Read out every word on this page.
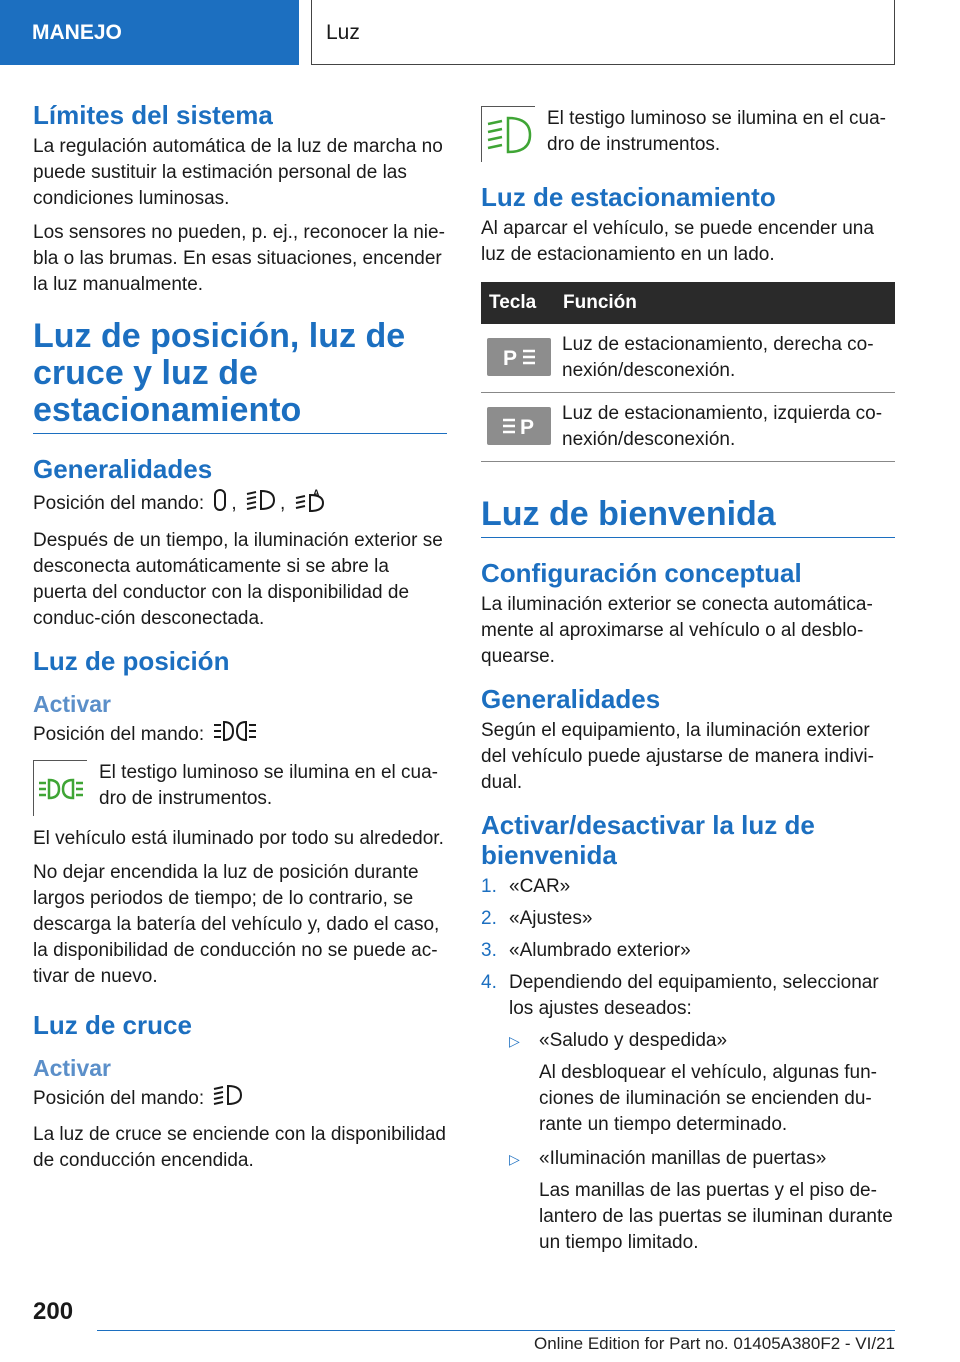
MANEJO	Luz
Límites del sistema

La regulación automática de la luz de marcha no puede sustituir la estimación personal de las condiciones luminosas.

Los sensores no pueden, p. ej., reconocer la nie‐bla o las brumas. En esas situaciones, encender la luz manualmente.

Luz de posición, luz de cruce y luz de estacionamiento
Generalidades

Posición del mando: , ,
A

Después de un tiempo, la iluminación exterior se desconecta automáticamente si se abre la puerta del conductor con la disponibilidad de conduc‐ción desconectada.

Luz de posición
Activar

Posición del mando:

El testigo luminoso se ilumina en el cua‐dro de instrumentos.

El vehículo está iluminado por todo su alrededor.

No dejar encendida la luz de posición durante largos periodos de tiempo; de lo contrario, se descarga la batería del vehículo y, dado el caso, la disponibilidad de conducción no se puede ac‐tivar de nuevo.

Luz de cruce
Activar

Posición del mando:

La luz de cruce se enciende con la disponibilidad de conducción encendida.

El testigo luminoso se ilumina en el cua‐dro de instrumentos.
Luz de estacionamiento

Al aparcar el vehículo, se puede encender una luz de estacionamiento en un lado.

Tecla	Función

P	Luz de estacionamiento, derecha co‐nexión/desconexión.

P	Luz de estacionamiento, izquierda co‐nexión/desconexión.
Luz de bienvenida
Configuración conceptual

La iluminación exterior se conecta automática‐mente al aproximarse al vehículo o al desblo‐quearse.

Generalidades

Según el equipamiento, la iluminación exterior del vehículo puede ajustarse de manera indivi‐dual.

Activar/desactivar la luz de bienvenida
1. «CAR»
2. «Ajustes»
3. «Alumbrado exterior»
4. Dependiendo del equipamiento, seleccionar los ajustes deseados:
▷	«Saludo y despedida»
Al desbloquear el vehículo, algunas fun‐ciones de iluminación se encienden du‐rante un tiempo determinado.
▷	«Iluminación manillas de puertas»
Las manillas de las puertas y el piso de‐lantero de las puertas se iluminan durante un tiempo limitado.
200
Online Edition for Part no. 01405A380F2 - VI/21
